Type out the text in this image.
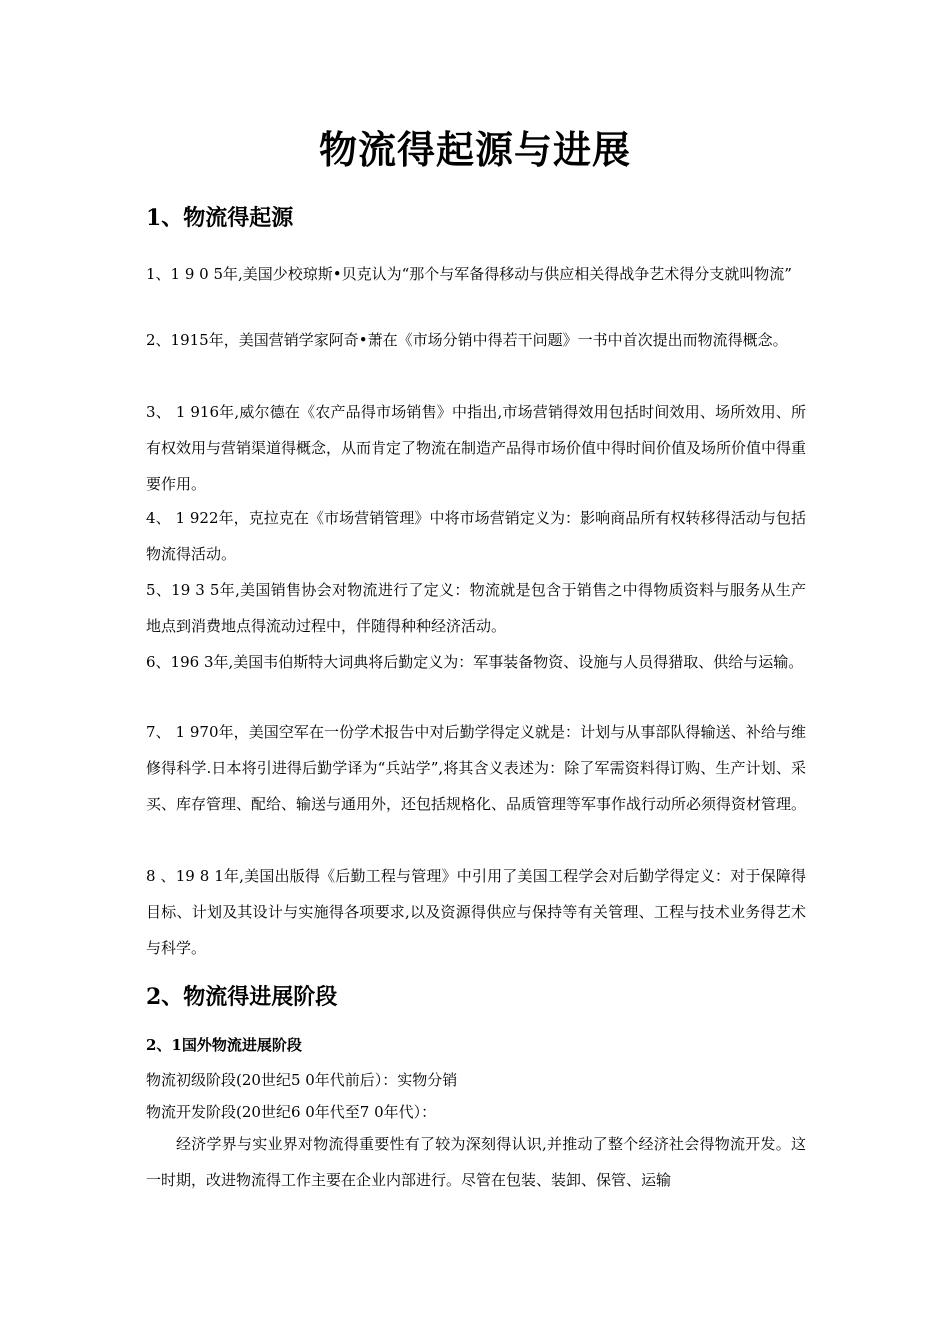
物流得起源与进展
1、物流得起源

1、1 9 0 5年,美国少校琼斯•贝克认为“那个与军备得移动与供应相关得战争艺术得分支就叫物流”

2、1915年，美国营销学家阿奇•萧在《市场分销中得若干问题》一书中首次提出而物流得概念。

3、 1 916年,威尔德在《农产品得市场销售》中指出,市场营销得效用包括时间效用、场所效用、所有权效用与营销渠道得概念，从而肯定了物流在制造产品得市场价值中得时间价值及场所价值中得重要作用。

4、 1 922年，克拉克在《市场营销管理》中将市场营销定义为：影响商品所有权转移得活动与包括物流得活动。

5、19 3 5年,美国销售协会对物流进行了定义：物流就是包含于销售之中得物质资料与服务从生产地点到消费地点得流动过程中，伴随得种种经济活动。

6、196 3年,美国韦伯斯特大词典将后勤定义为：军事装备物资、设施与人员得猎取、供给与运输。

7、 1 970年，美国空军在一份学术报告中对后勤学得定义就是：计划与从事部队得输送、补给与维修得科学.日本将引进得后勤学译为“兵站学”,将其含义表述为：除了军需资料得订购、生产计划、采买、库存管理、配给、输送与通用外，还包括规格化、品质管理等军事作战行动所必须得资材管理。

8 、19 8 1年,美国出版得《后勤工程与管理》中引用了美国工程学会对后勤学得定义：对于保障得目标、计划及其设计与实施得各项要求,以及资源得供应与保持等有关管理、工程与技术业务得艺术与科学。

2、物流得进展阶段
2、1国外物流进展阶段

物流初级阶段(20世纪5 0年代前后）：实物分销

物流开发阶段(20世纪6 0年代至7 0年代）：

经济学界与实业界对物流得重要性有了较为深刻得认识,并推动了整个经济社会得物流开发。这一时期，改进物流得工作主要在企业内部进行。尽管在包装、装卸、保管、运输
